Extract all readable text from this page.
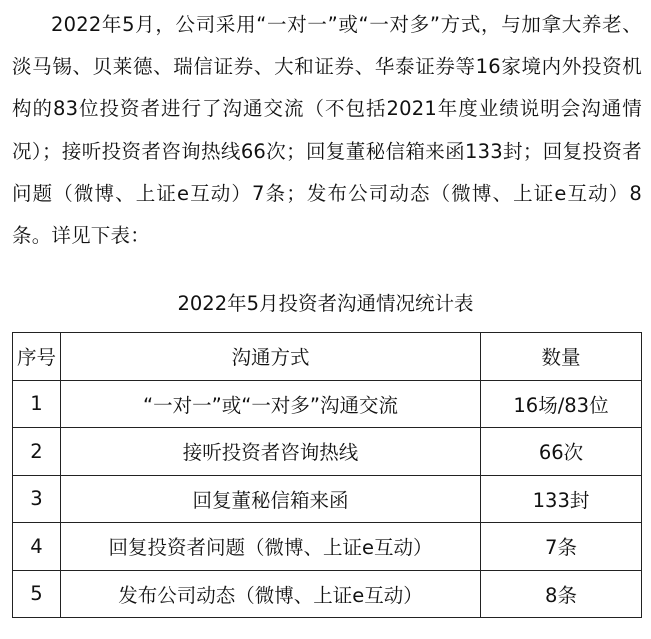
2022年5月，公司采用“一对一”或“一对多”方式，与加拿大养老、淡马锡、贝莱德、瑞信证券、大和证券、华泰证券等16家境内外投资机构的83位投资者进行了沟通交流（不包括2021年度业绩说明会沟通情况）；接听投资者咨询热线66次；回复董秘信箱来函133封；回复投资者问题（微博、上证e互动）7条；发布公司动态（微博、上证e互动）8条。详见下表：

2022年5月投资者沟通情况统计表
序号	沟通方式	数量
1	“一对一”或“一对多”沟通交流	16场/83位
2	接听投资者咨询热线	66次
3	回复董秘信箱来函	133封
4	回复投资者问题（微博、上证e互动）	7条
5	发布公司动态（微博、上证e互动）	8条
